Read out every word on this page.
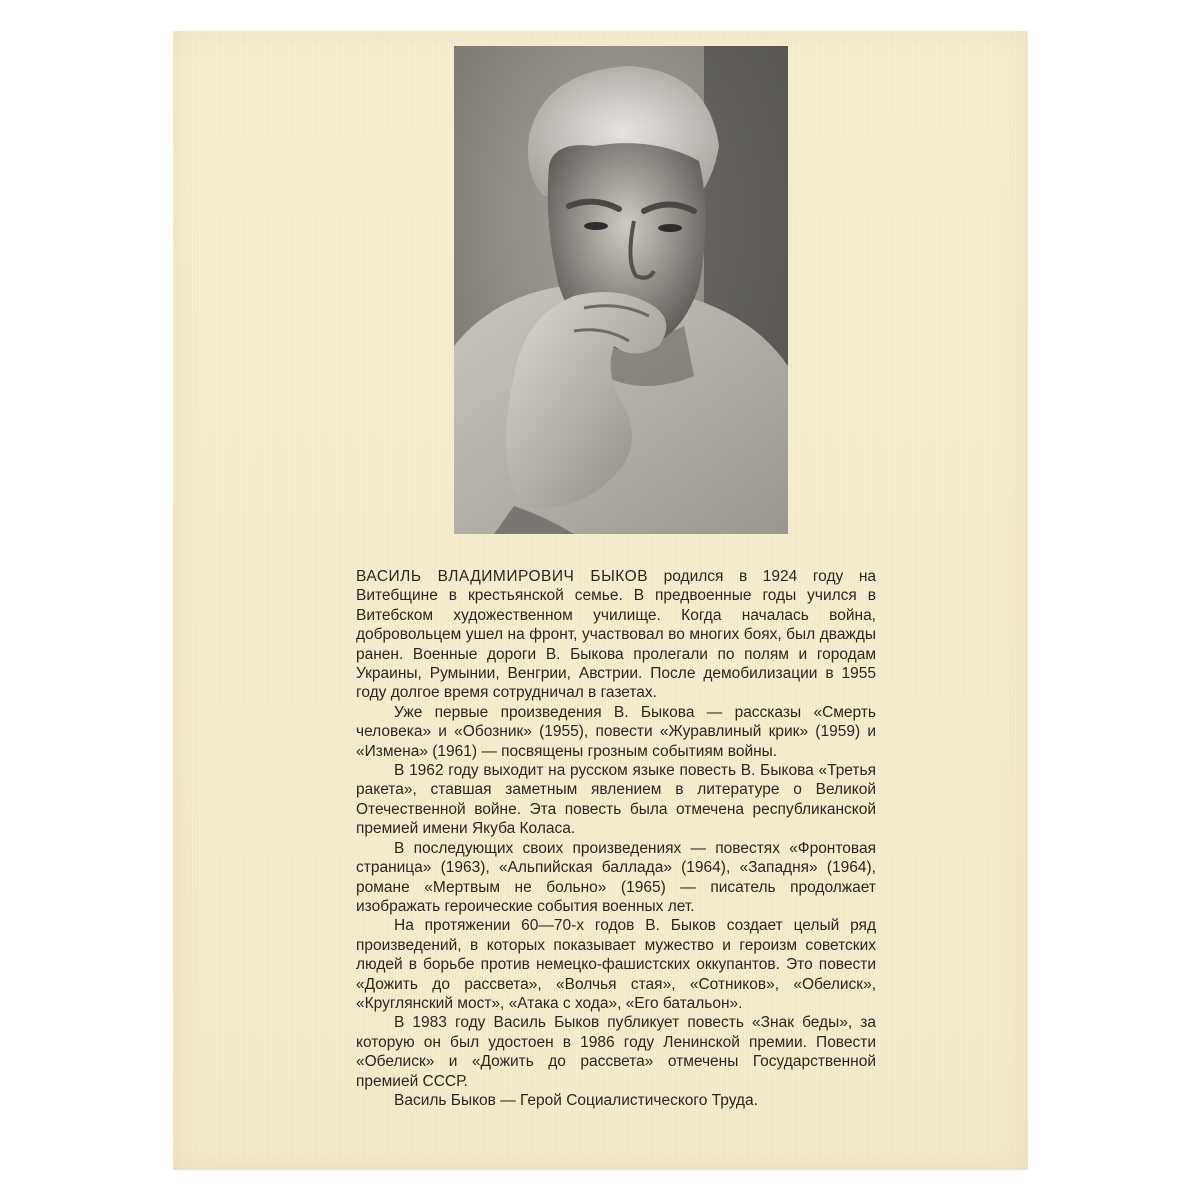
ВАСИЛЬ ВЛАДИМИРОВИЧ БЫКОВ родился в 1924 году на Витебщине в крестьянской семье. В предвоенные годы учился в Витебском художественном училище. Когда началась война, добровольцем ушел на фронт, участвовал во многих боях, был дважды ранен. Военные дороги В. Быкова пролегали по полям и городам Украины, Румынии, Венгрии, Австрии. После демобилизации в 1955 году долгое время сотрудничал в газетах.

Уже первые произведения В. Быкова — рассказы «Смерть человека» и «Обозник» (1955), повести «Журавлиный крик» (1959) и «Измена» (1961) — посвящены грозным событиям войны.

В 1962 году выходит на русском языке повесть В. Быкова «Третья ракета», ставшая заметным явлением в литературе о Великой Отечественной войне. Эта повесть была отмечена республиканской премией имени Якуба Коласа.

В последующих своих произведениях — повестях «Фронтовая страница» (1963), «Альпийская баллада» (1964), «Западня» (1964), романе «Мертвым не больно» (1965) — писатель продолжает изображать героические события военных лет.

На протяжении 60—70-х годов В. Быков создает целый ряд произведений, в которых показывает мужество и героизм советских людей в борьбе против немецко-фашистских оккупантов. Это повести «Дожить до рассвета», «Волчья стая», «Сотников», «Обелиск», «Круглянский мост», «Атака с хода», «Его батальон».

В 1983 году Василь Быков публикует повесть «Знак беды», за которую он был удостоен в 1986 году Ленинской премии. Повести «Обелиск» и «Дожить до рассвета» отмечены Государственной премией СССР.

Василь Быков — Герой Социалистического Труда.
